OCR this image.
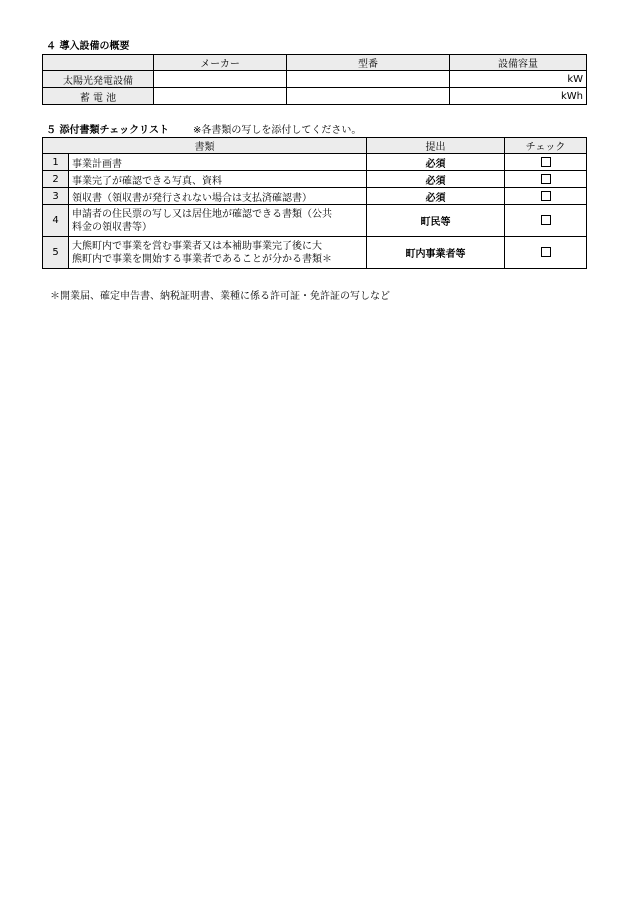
４ 導入設備の概要
	メーカー	型番	設備容量
太陽光発電設備			kW
蓄 電 池			kWh
５ 添付書類チェックリスト ※各書類の写しを添付してください。
書類		提出	チェック
1	事業計画書	必須	
2	事業完了が確認できる写真、資料	必須	
3	領収書（領収書が発行されない場合は支払済確認書）	必須	
4	申請者の住民票の写し又は居住地が確認できる書類（公共
料金の領収書等）	町民等	
5	大熊町内で事業を営む事業者又は本補助事業完了後に大
熊町内で事業を開始する事業者であることが分かる書類＊	町内事業者等	
＊開業届、確定申告書、納税証明書、業種に係る許可証・免許証の写しなど
